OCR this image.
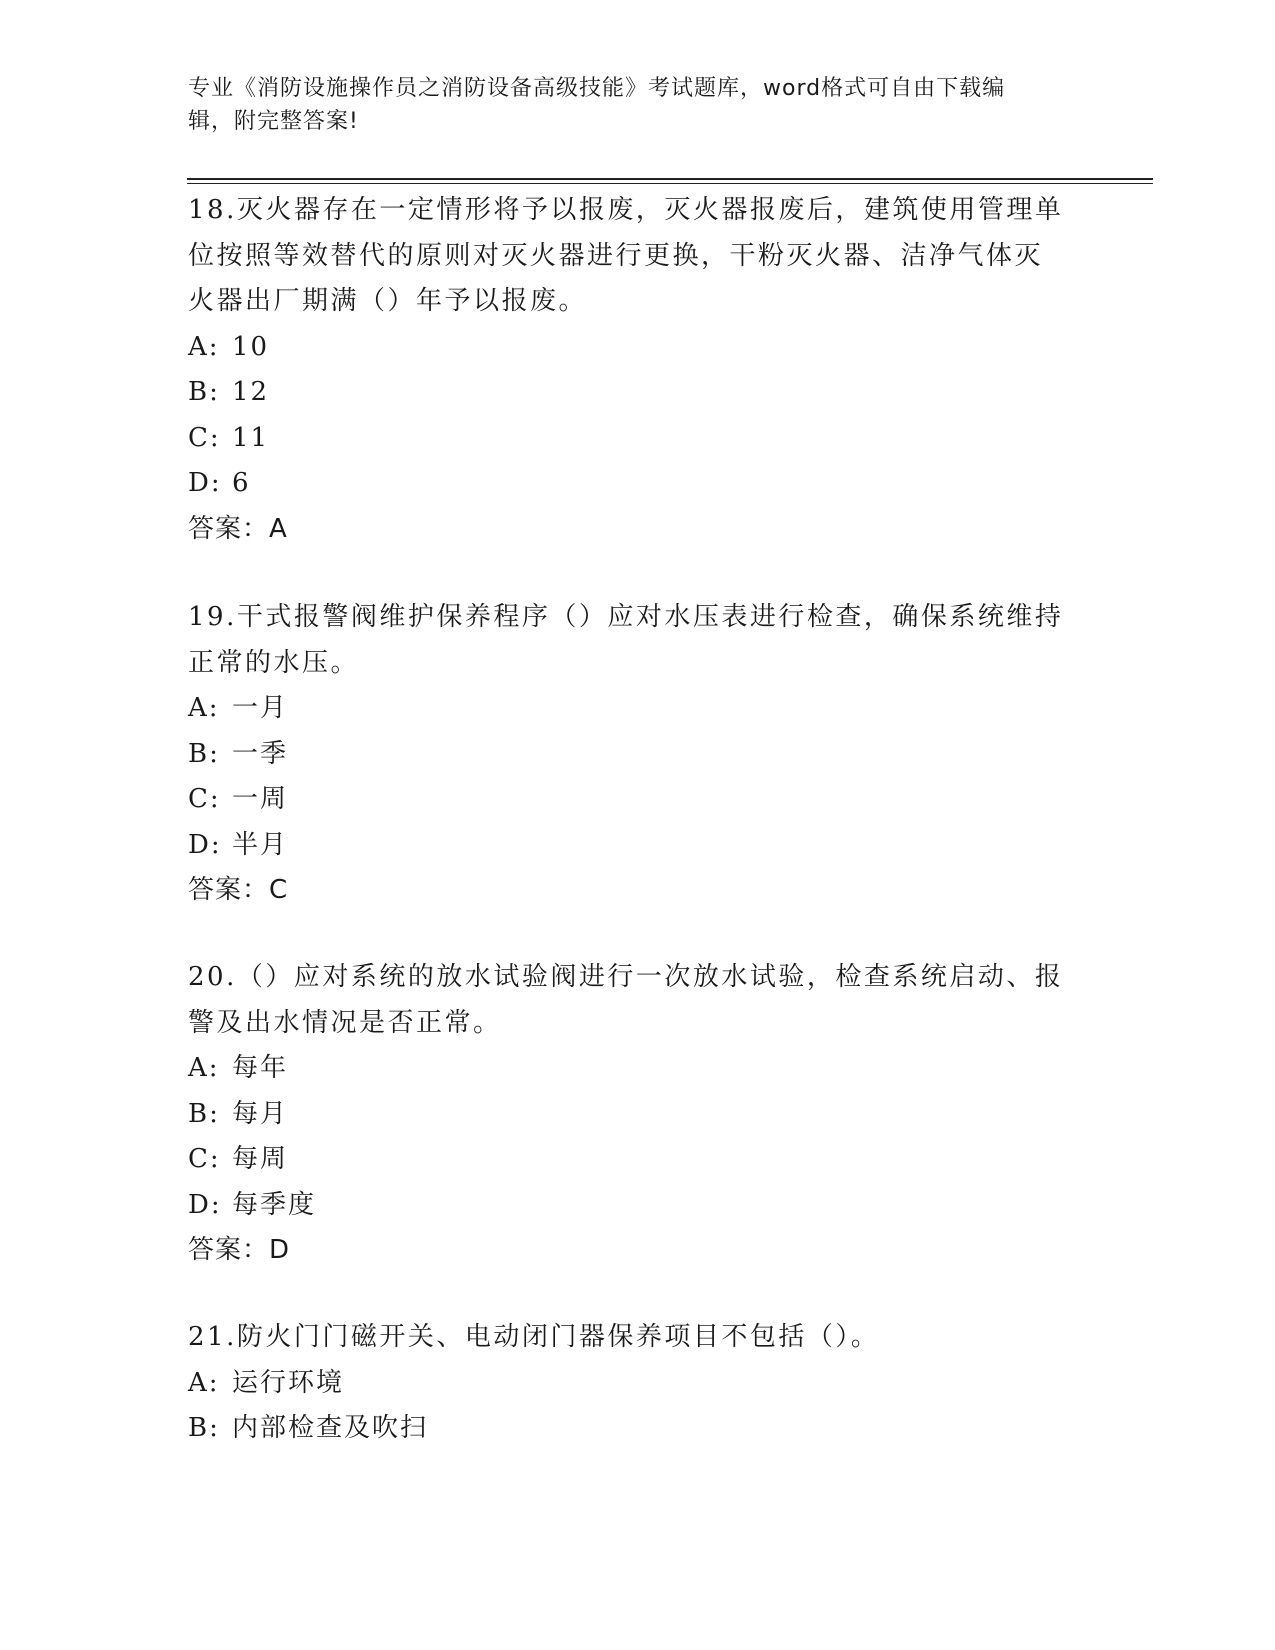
专业《消防设施操作员之消防设备高级技能》考试题库，word格式可自由下载编
辑，附完整答案!
18.灭火器存在一定情形将予以报废，灭火器报废后，建筑使用管理单
位按照等效替代的原则对灭火器进行更换，干粉灭火器、洁净气体灭
火器出厂期满（）年予以报废。
A: 10
B: 12
C: 11
D: 6
答案：A
19.干式报警阀维护保养程序（）应对水压表进行检查，确保系统维持
正常的水压。
A: 一月
B: 一季
C: 一周
D: 半月
答案：C
20.（）应对系统的放水试验阀进行一次放水试验，检查系统启动、报
警及出水情况是否正常。
A: 每年
B: 每月
C: 每周
D: 每季度
答案：D
21.防火门门磁开关、电动闭门器保养项目不包括（）。
A: 运行环境
B: 内部检查及吹扫
